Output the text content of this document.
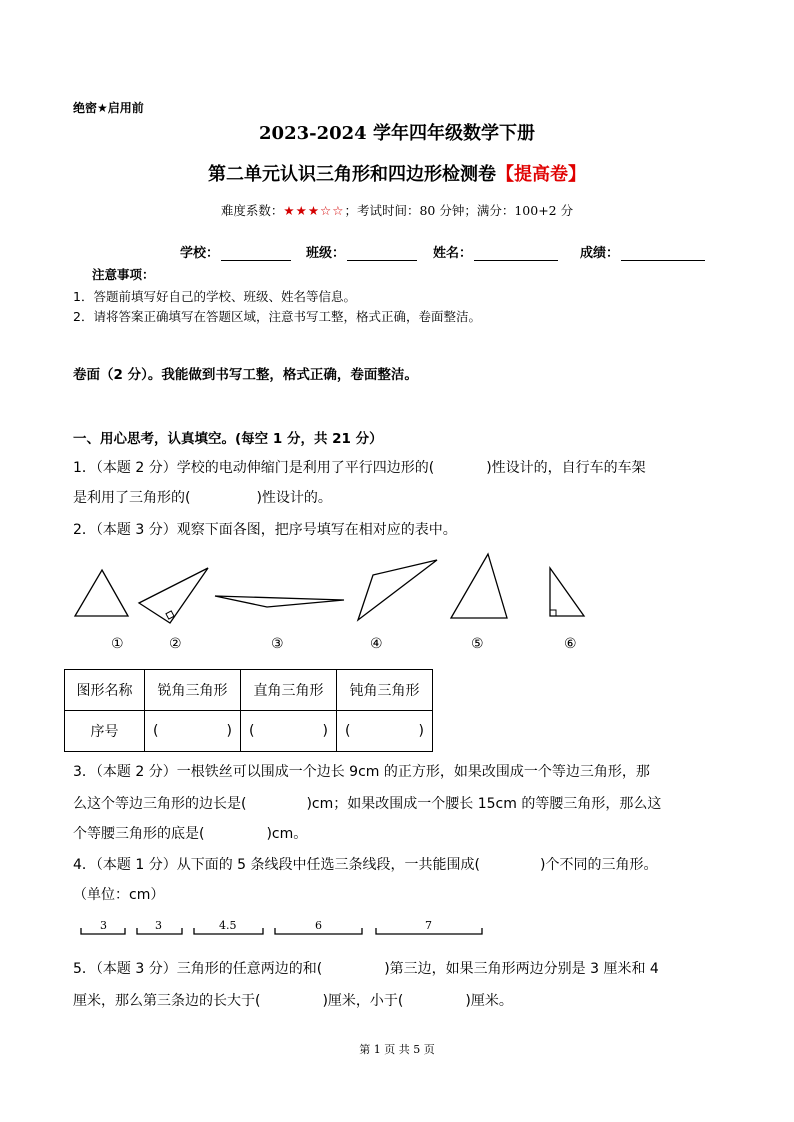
绝密★启用前
2023-2024 学年四年级数学下册
第二单元认识三角形和四边形检测卷【提高卷】
难度系数：★★★☆☆；考试时间：80 分钟；满分：100+2 分
学校：	班级：	姓名：	成绩：
注意事项：
1．答题前填写好自己的学校、班级、姓名等信息。
2．请将答案正确填写在答题区域，注意书写工整，格式正确，卷面整洁。
卷面（2 分）。我能做到书写工整，格式正确，卷面整洁。
一、用心思考，认真填空。(每空 1 分，共 21 分）
1．（本题 2 分）学校的电动伸缩门是利用了平行四边形的(	)性设计的，自行车的车架
是利用了三角形的(	)性设计的。
2．（本题 3 分）观察下面各图，把序号填写在相对应的表中。
①	②	③	④	⑤	⑥
图形名称	锐角三角形	直角三角形	钝角三角形
序号	( )	( )	( )
3．（本题 2 分）一根铁丝可以围成一个边长 9cm 的正方形，如果改围成一个等边三角形，那
么这个等边三角形的边长是(	)cm；如果改围成一个腰长 15cm 的等腰三角形，那么这
个等腰三角形的底是(	)cm。
4．（本题 1 分）从下面的 5 条线段中任选三条线段，一共能围成(	)个不同的三角形。
（单位：cm）
3	3	4.5	6	7
5．（本题 3 分）三角形的任意两边的和(	)第三边，如果三角形两边分别是 3 厘米和 4
厘米，那么第三条边的长大于(	)厘米，小于(	)厘米。
第 1 页 共 5 页
